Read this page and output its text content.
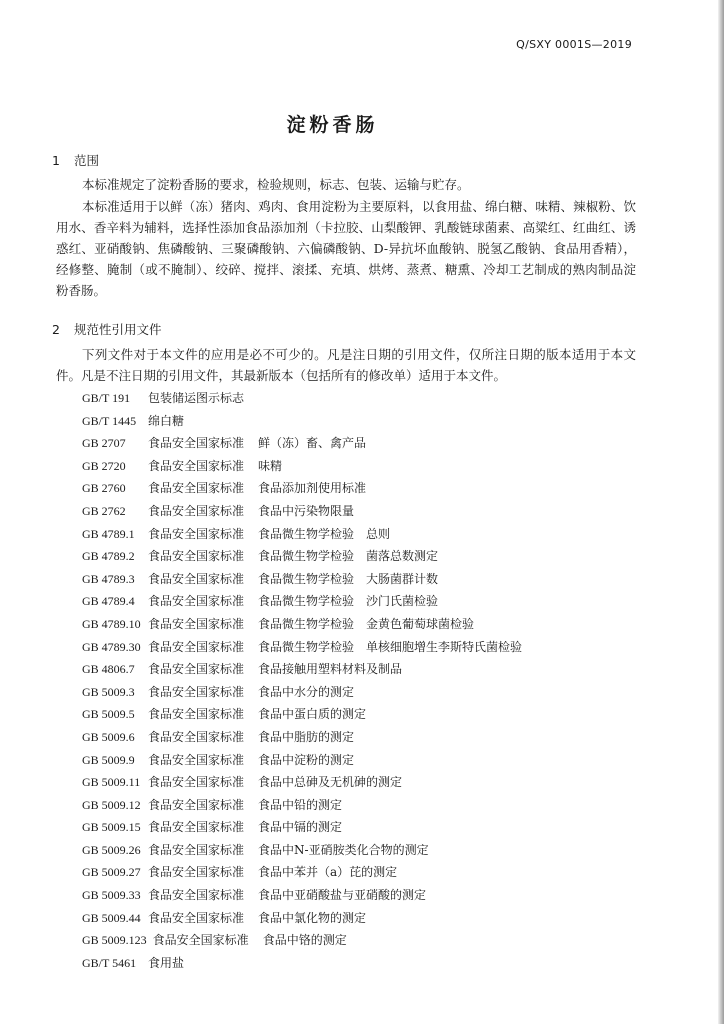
Q/SXY 0001S—2019
淀粉香肠
1 范围
本标准规定了淀粉香肠的要求，检验规则，标志、包装、运输与贮存。
本标准适用于以鲜（冻）猪肉、鸡肉、食用淀粉为主要原料，以食用盐、绵白糖、味精、辣椒粉、饮用水、香辛料为辅料，选择性添加食品添加剂（卡拉胶、山梨酸钾、乳酸链球菌素、高粱红、红曲红、诱惑红、亚硝酸钠、焦磷酸钠、三聚磷酸钠、六偏磷酸钠、D-异抗坏血酸钠、脱氢乙酸钠、食品用香精），经修整、腌制（或不腌制）、绞碎、搅拌、滚揉、充填、烘烤、蒸煮、糖熏、冷却工艺制成的熟肉制品淀粉香肠。
2 规范性引用文件
下列文件对于本文件的应用是必不可少的。凡是注日期的引用文件，仅所注日期的版本适用于本文件。凡是不注日期的引用文件，其最新版本（包括所有的修改单）适用于本文件。
GB/T 191 包装储运图示标志
GB/T 1445 绵白糖
GB 2707 食品安全国家标准 鲜（冻）畜、禽产品
GB 2720 食品安全国家标准 味精
GB 2760 食品安全国家标准 食品添加剂使用标准
GB 2762 食品安全国家标准 食品中污染物限量
GB 4789.1 食品安全国家标准 食品微生物学检验　总则
GB 4789.2 食品安全国家标准 食品微生物学检验　菌落总数测定
GB 4789.3 食品安全国家标准 食品微生物学检验　大肠菌群计数
GB 4789.4 食品安全国家标准 食品微生物学检验　沙门氏菌检验
GB 4789.10 食品安全国家标准 食品微生物学检验　金黄色葡萄球菌检验
GB 4789.30 食品安全国家标准 食品微生物学检验　单核细胞增生李斯特氏菌检验
GB 4806.7 食品安全国家标准 食品接触用塑料材料及制品
GB 5009.3 食品安全国家标准 食品中水分的测定
GB 5009.5 食品安全国家标准 食品中蛋白质的测定
GB 5009.6 食品安全国家标准 食品中脂肪的测定
GB 5009.9 食品安全国家标准 食品中淀粉的测定
GB 5009.11 食品安全国家标准 食品中总砷及无机砷的测定
GB 5009.12 食品安全国家标准 食品中铅的测定
GB 5009.15 食品安全国家标准 食品中镉的测定
GB 5009.26 食品安全国家标准 食品中N-亚硝胺类化合物的测定
GB 5009.27 食品安全国家标准 食品中苯并（a）芘的测定
GB 5009.33 食品安全国家标准 食品中亚硝酸盐与亚硝酸的测定
GB 5009.44 食品安全国家标准 食品中氯化物的测定
GB 5009.123 食品安全国家标准 食品中铬的测定
GB/T 5461 食用盐
